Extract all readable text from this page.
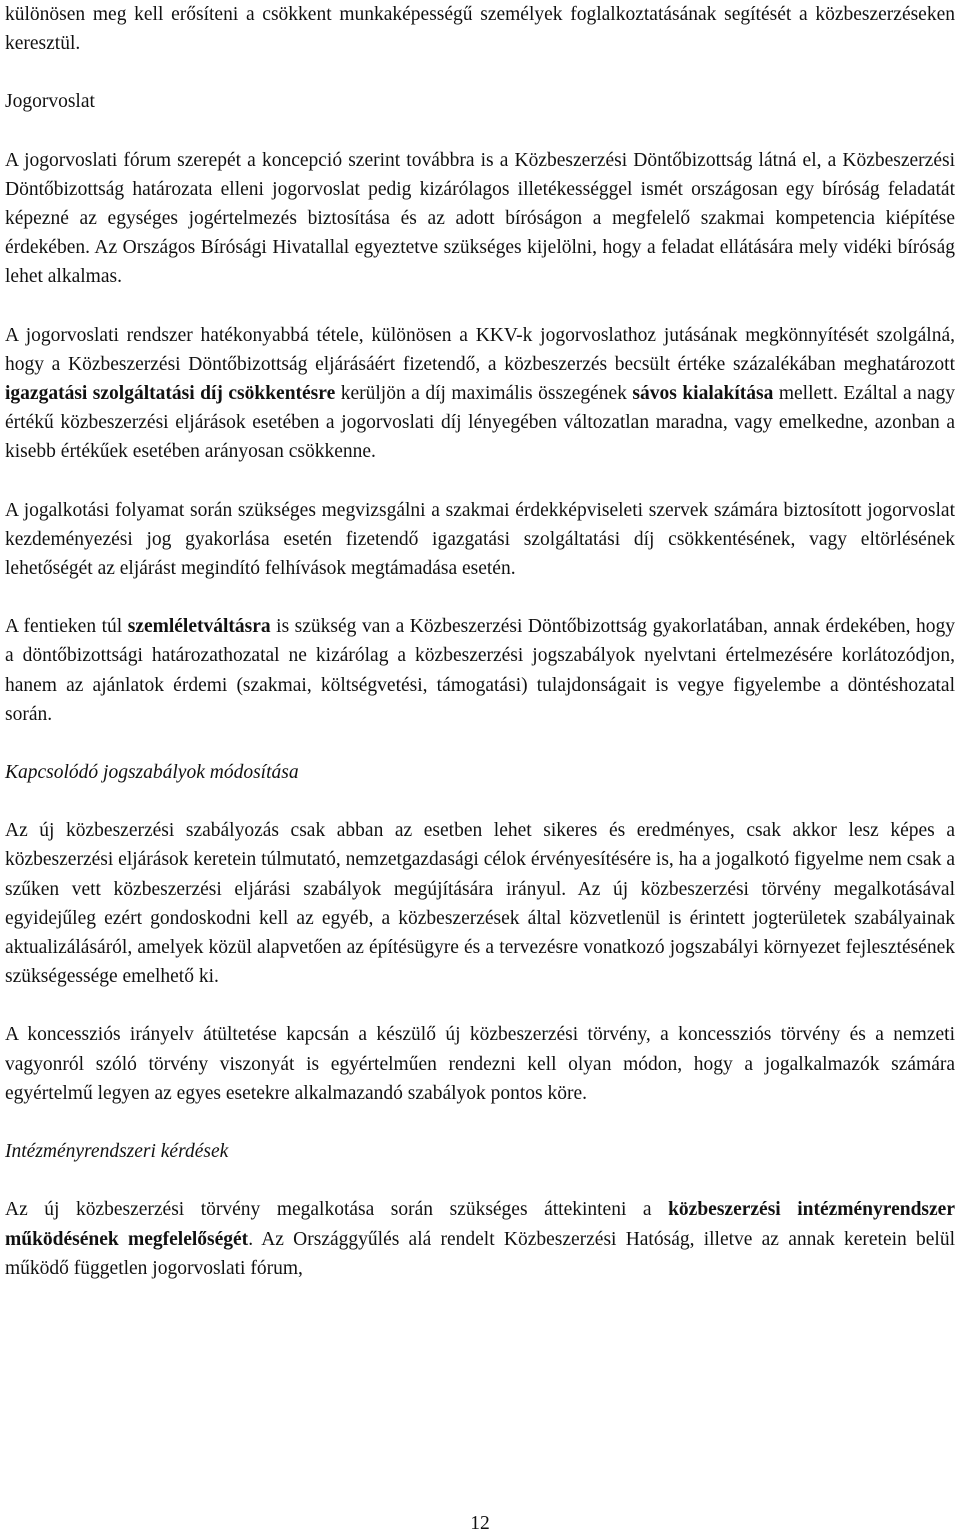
különösen meg kell erősíteni a csökkent munkaképességű személyek foglalkoztatásának segítését a közbeszerzéseken keresztül.

Jogorvoslat

A jogorvoslati fórum szerepét a koncepció szerint továbbra is a Közbeszerzési Döntőbizottság látná el, a Közbeszerzési Döntőbizottság határozata elleni jogorvoslat pedig kizárólagos illetékességgel ismét országosan egy bíróság feladatát képezné az egységes jogértelmezés biztosítása és az adott bíróságon a megfelelő szakmai kompetencia kiépítése érdekében. Az Országos Bírósági Hivatallal egyeztetve szükséges kijelölni, hogy a feladat ellátására mely vidéki bíróság lehet alkalmas.

A jogorvoslati rendszer hatékonyabbá tétele, különösen a KKV-k jogorvoslathoz jutásának megkönnyítését szolgálná, hogy a Közbeszerzési Döntőbizottság eljárásáért fizetendő, a közbeszerzés becsült értéke százalékában meghatározott igazgatási szolgáltatási díj csökkentésre kerüljön a díj maximális összegének sávos kialakítása mellett. Ezáltal a nagy értékű közbeszerzési eljárások esetében a jogorvoslati díj lényegében változatlan maradna, vagy emelkedne, azonban a kisebb értékűek esetében arányosan csökkenne.

A jogalkotási folyamat során szükséges megvizsgálni a szakmai érdekképviseleti szervek számára biztosított jogorvoslat kezdeményezési jog gyakorlása esetén fizetendő igazgatási szolgáltatási díj csökkentésének, vagy eltörlésének lehetőségét az eljárást megindító felhívások megtámadása esetén.

A fentieken túl szemléletváltásra is szükség van a Közbeszerzési Döntőbizottság gyakorlatában, annak érdekében, hogy a döntőbizottsági határozathozatal ne kizárólag a közbeszerzési jogszabályok nyelvtani értelmezésére korlátozódjon, hanem az ajánlatok érdemi (szakmai, költségvetési, támogatási) tulajdonságait is vegye figyelembe a döntéshozatal során.

Kapcsolódó jogszabályok módosítása

Az új közbeszerzési szabályozás csak abban az esetben lehet sikeres és eredményes, csak akkor lesz képes a közbeszerzési eljárások keretein túlmutató, nemzetgazdasági célok érvényesítésére is, ha a jogalkotó figyelme nem csak a szűken vett közbeszerzési eljárási szabályok megújítására irányul. Az új közbeszerzési törvény megalkotásával egyidejűleg ezért gondoskodni kell az egyéb, a közbeszerzések által közvetlenül is érintett jogterületek szabályainak aktualizálásáról, amelyek közül alapvetően az építésügyre és a tervezésre vonatkozó jogszabályi környezet fejlesztésének szükségessége emelhető ki.

A koncessziós irányelv átültetése kapcsán a készülő új közbeszerzési törvény, a koncessziós törvény és a nemzeti vagyonról szóló törvény viszonyát is egyértelműen rendezni kell olyan módon, hogy a jogalkalmazók számára egyértelmű legyen az egyes esetekre alkalmazandó szabályok pontos köre.

Intézményrendszeri kérdések

Az új közbeszerzési törvény megalkotása során szükséges áttekinteni a közbeszerzési intézményrendszer működésének megfelelőségét. Az Országgyűlés alá rendelt Közbeszerzési Hatóság, illetve az annak keretein belül működő független jogorvoslati fórum,

12
